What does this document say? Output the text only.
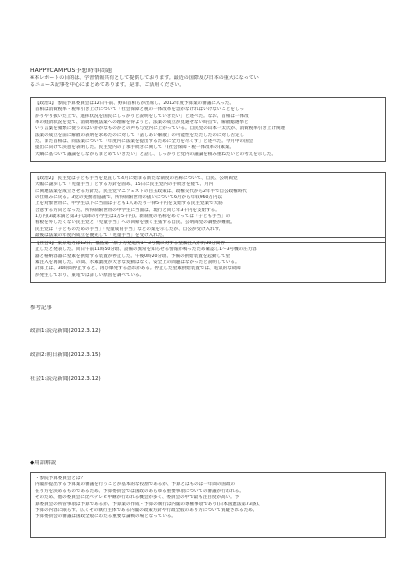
HAPPYCAMPUS予想時事問題
※本レポートの目的は、学習情報共有として提供しております。最近の国際及び日本の重大になってい
るニュース記事を中心にまとめてあります。是非、ご活用ください。
【政治1】 参院予算委員会は12日午前、野田首相らが出席し、2012年度予算案の審議に入った。
首相は消費税率・税率引き上げについて「社会保障と税の一体改革を急がなければいけないことをしっ
かりやり抜いた上で、進捗状況を国民にしっかりと説明をしていきたい」と述べた。なお、首相は一体改
革の経済状況を見て、消費増税法案への理解を得ようと、法案の成立が見通せない時点で、解散総選挙と
いう言葉を頻繁に使うのはいかがなものかとの声も与党内に上がっている。自民党の山本一太氏が、消費税率引き上げ関連
法案の成立を前に解散の表明を求めたのに対して「話しあい解散」の可能性をただしたのに対し否定し
た。また首相は、同法案について「年度内に法案を提出するために全力を尽くす」と述べた。今月中の国会
提出に向けて決意を表明した。民主党内の了承手続きに関して「(社会保障・税一体改革の)素案、
大綱に基づいて議論をしながらまとめていきたい」と話し、しっかりと党内の議論を積み重ねたいとの考えを示した。
【政治2】 民主党は子ども手当を見直して4月に始まる新たな制度の名称について、自民、公明両党
大幅に譲歩して「児童手当」とする方針を固め、15日に民主党内の手続きを経て、月内
に関連法案を成立させる方針だ。民主党マニフェストの目玉政策は、政権交代から2年半で自公政権時代
の仕組みに戻る。3党の実務者協議で、所得制限世帯の扱いについて6月から年収960万円以
上を対象世帯に、中学生以下に当面は子ども1人あたり一律5千円を支給する民主党案で大筋
合意する方向となった。所得制限世帯の中学生に当面は、現行と同じ年3千円を支給する。
1万円(3歳未満と第3子以降の小学生は1万5千円)。新制度の名称をめぐっては「子ども手当」の
看板を外したくない民主党と「児童手当」への回帰を強く主張する自民、公明両党の調整が難航。
民主党は「子どものための手当」「児童成育手当」などの案を示したが、自公が受け入れず、
最後は法案の年度内成立を優先して「児童手当」を受け入れた。
【社会1】 東京電力は12日、福島第一原子力発電所1～3号機に対する窒素注入が約30分間停
止したと発表した。同日午前11時50分頃、設備の異常を知らせる警報が鳴ったため確認し1～3号機の圧力容
器と格納容器に窒素を供給する装置が停止した。午後0時20分頃、予備の供給装置を起動して窒
素注入を再開した。の間、水素濃度が大きな変動はなく、安全上の問題はなかったと説明している。
計算上は、30時間停止すると、再び爆発する恐れがある。停止した窒素供給装置では、電気的な故障
が発生しており、東電では詳しい原因を調べている。
参考記事
政治1:読売新聞(2012.3.12)
政治2:朝日新聞(2012.3.15)
社会1:読売新聞(2012.3.12)
◆用語解説
・参院予算委員会とは？
内閣が提出する予算案の審議を行うことが基本的な役割であるが、予算とはものは一年間の国政の
在り方を決めるものであるため、予算委員会では国政のあらゆる重要事項についての審議が行われる。
そのため、他の委員会に比べテレビ中継が行われる機会が多く、委員会の中で最も注目度が高い。予
算委員会の所管事項は予算であるが、予算案の作成・予算の執行は内閣の専権事項であり(日本国憲法第73条)、
予算の内容に限らず、広くその執行主体である内閣の政策方針や行政全般のあり方について質疑されるため、
予算委員会の審議は国政全般にわたる重要な論戦の場となっている。
